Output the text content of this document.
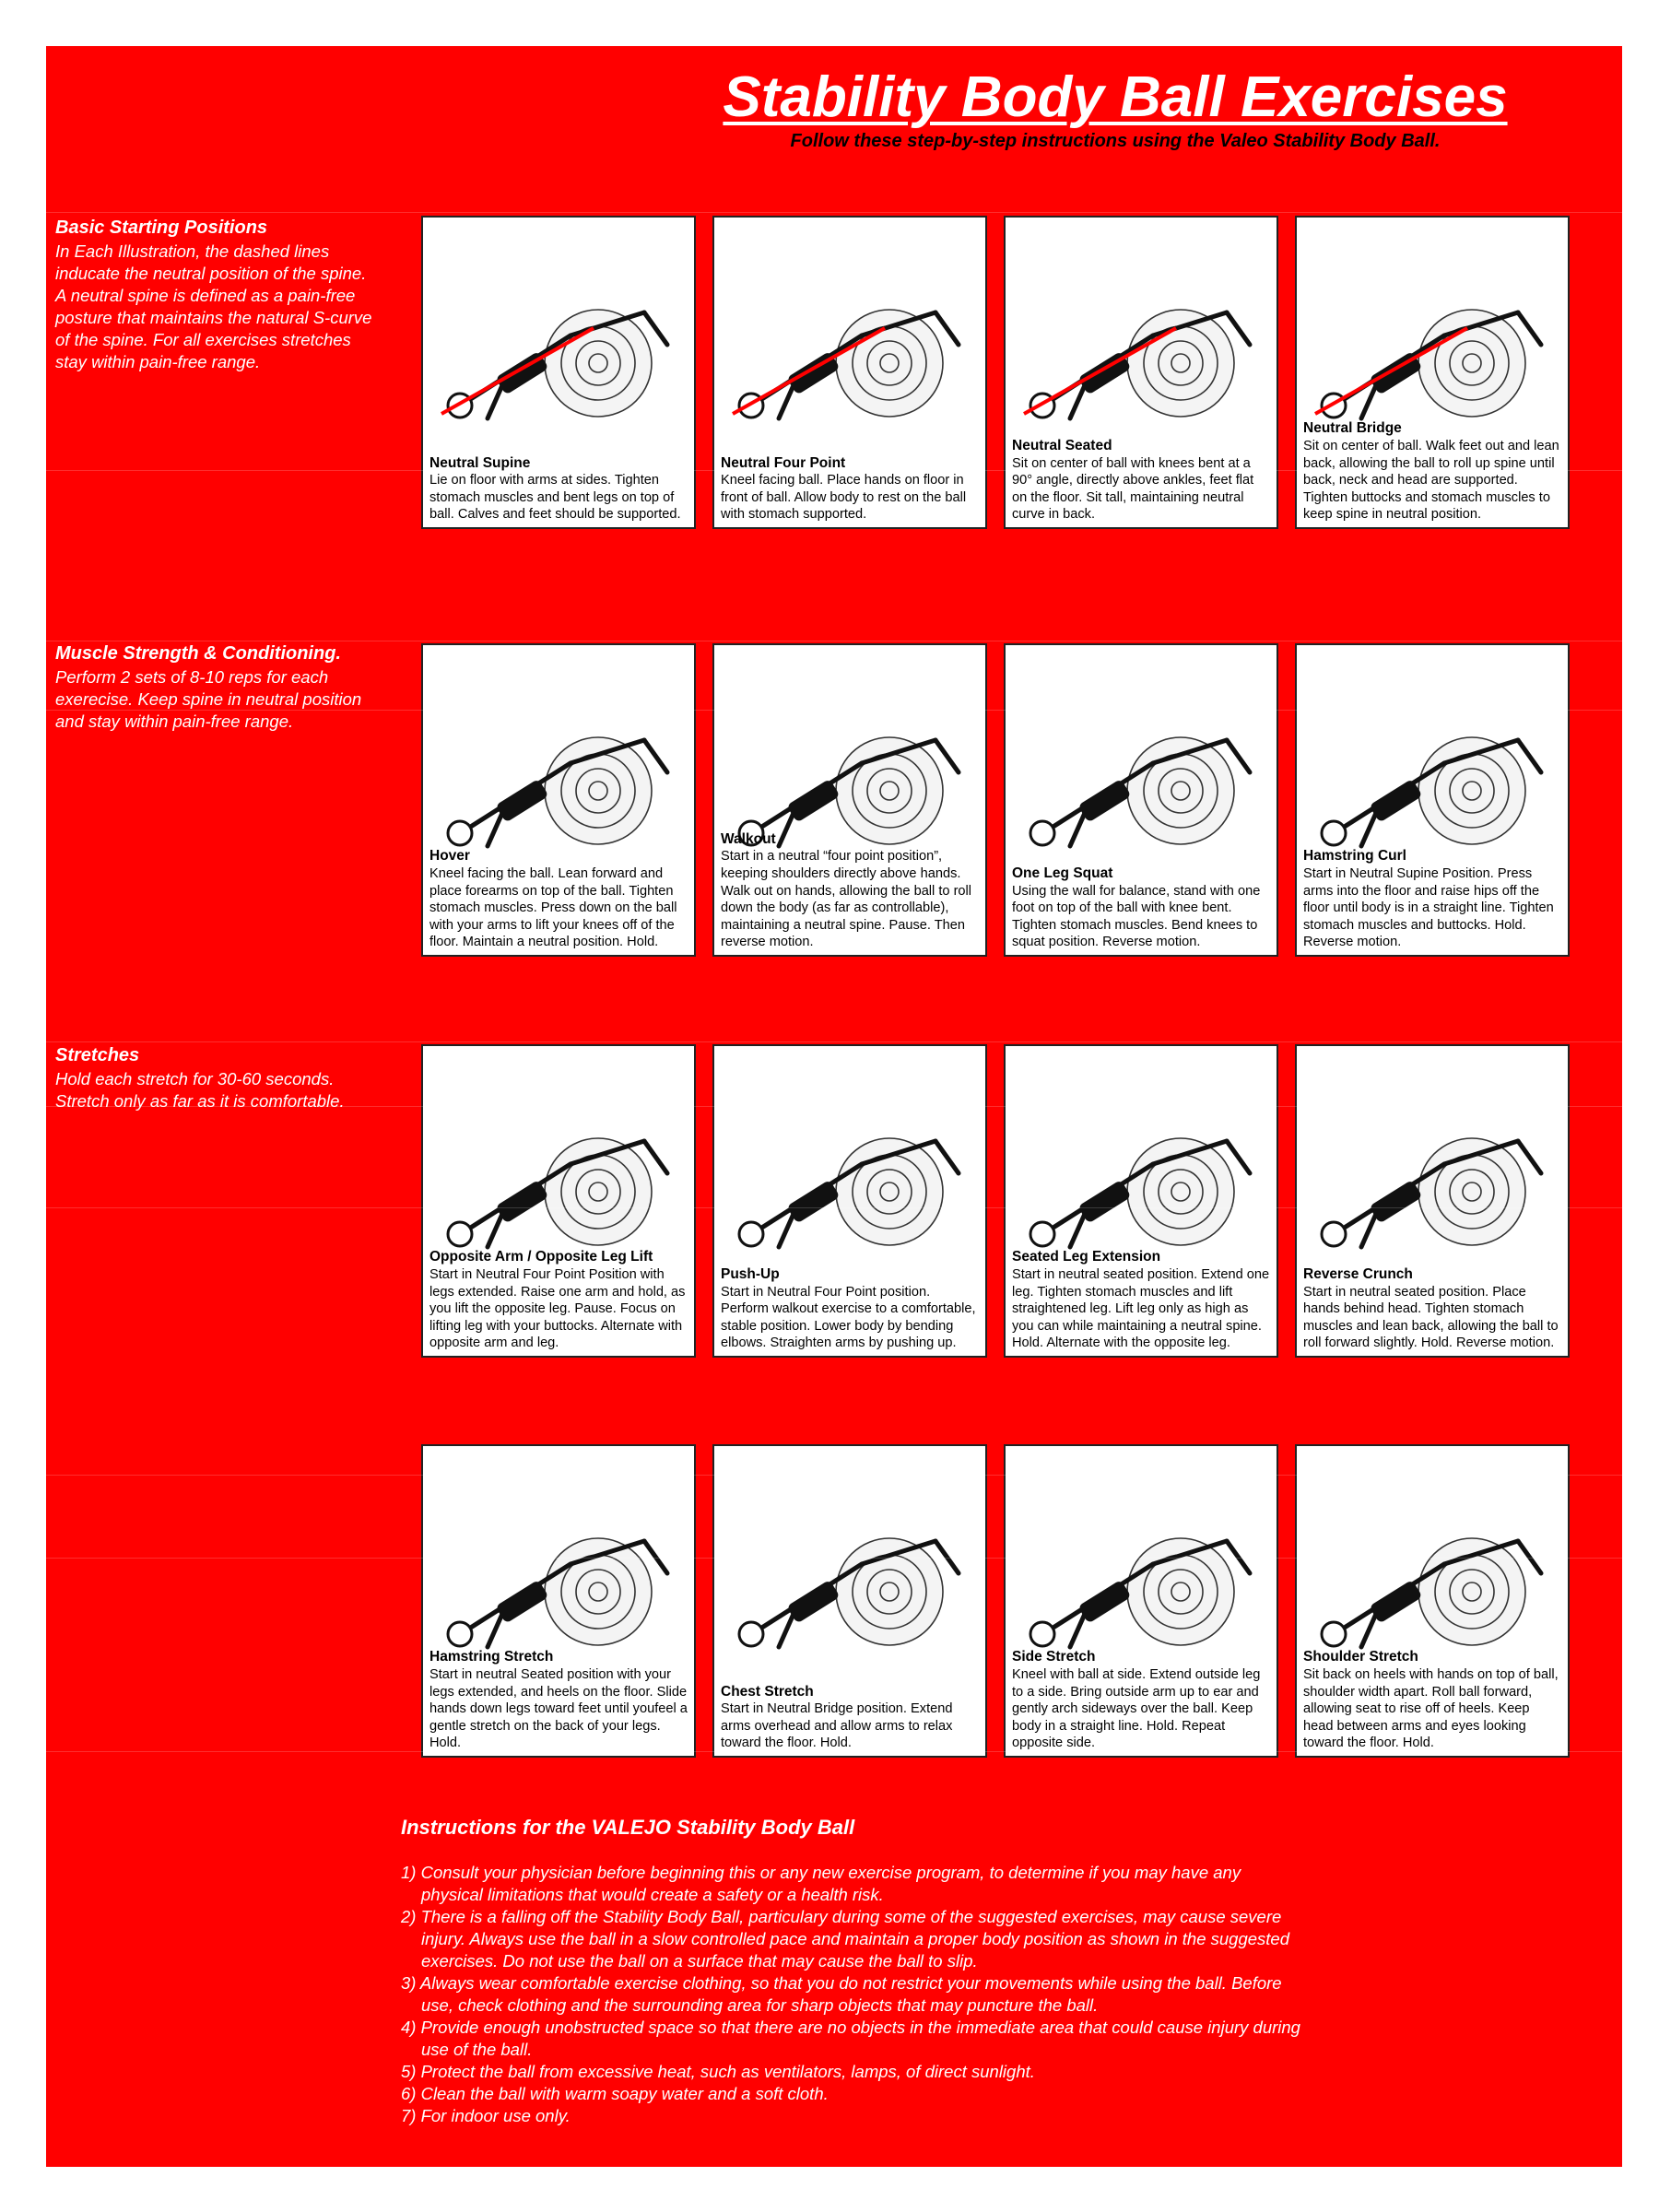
Stability Body Ball Exercises
Follow these step-by-step instructions using the Valeo Stability Body Ball.
Basic Starting Positions
In Each Illustration, the dashed lines
inducate the neutral position of the spine.
A neutral spine is defined as a pain-free
posture that maintains the natural S-curve
of the spine. For all exercises stretches
stay within pain-free range.
Muscle Strength & Conditioning.
Perform 2 sets of 8-10 reps for each
exerecise. Keep spine in neutral position
and stay within pain-free range.
Stretches
Hold each stretch for 30-60 seconds.
Stretch only as far as it is comfortable.
Neutral Supine
Lie on floor with arms at sides. Tighten stomach muscles and bent legs on top of ball. Calves and feet should be supported.
Neutral Four Point
Kneel facing ball. Place hands on floor in front of ball. Allow body to rest on the ball with stomach supported.
Neutral Seated
Sit on center of ball with knees bent at a 90° angle, directly above ankles, feet flat on the floor. Sit tall, maintaining neutral curve in back.
Neutral Bridge
Sit on center of ball. Walk feet out and lean back, allowing the ball to roll up spine until back, neck and head are supported. Tighten buttocks and stomach muscles to keep spine in neutral position.
Hover
Kneel facing the ball. Lean forward and place forearms on top of the ball. Tighten stomach muscles. Press down on the ball with your arms to lift your knees off of the floor. Maintain a neutral position. Hold.
Walkout
Start in a neutral “four point position”, keeping shoulders directly above hands. Walk out on hands, allowing the ball to roll down the body (as far as controllable), maintaining a neutral spine. Pause. Then reverse motion.
One Leg Squat
Using the wall for balance, stand with one foot on top of the ball with knee bent. Tighten stomach muscles. Bend knees to squat position. Reverse motion.
Hamstring Curl
Start in Neutral Supine Position. Press arms into the floor and raise hips off the floor until body is in a straight line. Tighten stomach muscles and buttocks. Hold. Reverse motion.
Opposite Arm / Opposite Leg Lift
Start in Neutral Four Point Position with legs extended. Raise one arm and hold, as you lift the opposite leg. Pause. Focus on lifting leg with your buttocks. Alternate with opposite arm and leg.
Push-Up
Start in Neutral Four Point position. Perform walkout exercise to a comfortable, stable position. Lower body by bending elbows. Straighten arms by pushing up.
Seated Leg Extension
Start in neutral seated position. Extend one leg. Tighten stomach muscles and lift straightened leg. Lift leg only as high as you can while maintaining a neutral spine. Hold. Alternate with the opposite leg.
Reverse Crunch
Start in neutral seated position. Place hands behind head. Tighten stomach muscles and lean back, allowing the ball to roll forward slightly. Hold. Reverse motion.
Hamstring Stretch
Start in neutral Seated position with your legs extended, and heels on the floor. Slide hands down legs toward feet until youfeel a gentle stretch on the back of your legs. Hold.
Chest Stretch
Start in Neutral Bridge position. Extend arms overhead and allow arms to relax toward the floor. Hold.
Side Stretch
Kneel with ball at side. Extend outside leg to a side. Bring outside arm up to ear and gently arch sideways over the ball. Keep body in a straight line. Hold. Repeat opposite side.
Shoulder Stretch
Sit back on heels with hands on top of ball, shoulder width apart. Roll ball forward, allowing seat to rise off of heels. Keep head between arms and eyes looking toward the floor. Hold.
Instructions for the VALEJO Stability Body Ball
1) Consult your physician before beginning this or any new exercise program, to determine if you may have any physical limitations that would create a safety or a health risk.
2) There is a falling off the Stability Body Ball, particulary during some of the suggested exercises, may cause severe injury. Always use the ball in a slow controlled pace and maintain a proper body position as shown in the suggested exercises. Do not use the ball on a surface that may cause the ball to slip.
3) Always wear comfortable exercise clothing, so that you do not restrict your movements while using the ball. Before use, check clothing and the surrounding area for sharp objects that may puncture the ball.
4) Provide enough unobstructed space so that there are no objects in the immediate area that could cause injury during use of the ball.
5) Protect the ball from excessive heat, such as ventilators, lamps, of direct sunlight.
6) Clean the ball with warm soapy water and a soft cloth.
7) For indoor use only.
